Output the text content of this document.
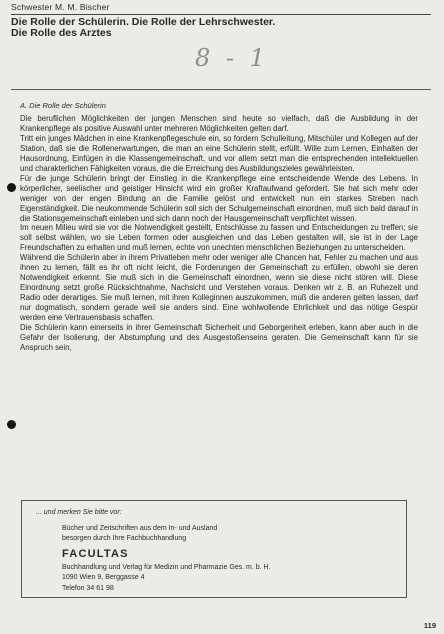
Schwester M. M. Bischer
Die Rolle der Schülerin. Die Rolle der Lehrschwester.
Die Rolle des Arztes
8 - 1
A. Die Rolle der Schülerin

Die beruflichen Möglichkeiten der jungen Menschen sind heute so vielfach, daß die Ausbildung in der Krankenpflege als positive Auswahl unter mehreren Möglichkeiten gelten darf.

Tritt ein junges Mädchen in eine Krankenpflegeschule ein, so fordern Schulleitung, Mitschüler und Kollegen auf der Station, daß sie die Rollenerwartungen, die man an eine Schülerin stellt, erfüllt. Wille zum Lernen, Einhalten der Hausordnung, Einfügen in die Klassengemeinschaft, und vor allem setzt man die entsprechenden intellektuellen und charakterlichen Fähigkeiten voraus, die die Erreichung des Ausbildungszieles gewährleisten.

Für die junge Schülerin bringt der Einstieg in die Krankenpflege eine entscheidende Wende des Lebens. In körperlicher, seelischer und geistiger Hinsicht wird ein großer Kraftaufwand gefordert. Sie hat sich mehr oder weniger von der engen Bindung an die Familie gelöst und entwickelt nun ein starkes Streben nach Eigenständigkeit. Die neukommende Schülerin soll sich der Schulgemeinschaft einordnen, muß sich bald darauf in die Stationsgemeinschaft einleben und sich dann noch der Hausgemeinschaft verpflichtet wissen.

Im neuen Milieu wird sie vor die Notwendigkeit gestellt, Entschlüsse zu fassen und Entscheidungen zu treffen; sie soll selbst wählen, wo sie Leben formen oder ausgleichen und das Leben gestalten will, sie ist in der Lage Freundschaften zu erhalten und muß lernen, echte von unechten menschlichen Beziehungen zu unterscheiden.

Während die Schülerin aber in ihrem Privatleben mehr oder weniger alle Chancen hat, Fehler zu machen und aus ihnen zu lernen, fällt es ihr oft nicht leicht, die Forderungen der Gemeinschaft zu erfüllen, obwohl sie deren Notwendigkeit erkennt. Sie muß sich in die Gemeinschaft einordnen, wenn sie diese nicht stören will. Diese Einordnung setzt große Rücksichtnahme, Nachsicht und Verstehen voraus. Denken wir z. B. an Ruhezeit und Radio oder derartiges. Sie muß lernen, mit ihren Kolleginnen auszukommen, muß die anderen gelten lassen, darf nur dogmatisch, sondern gerade weil sie anders sind. Eine wohlwollende Ehrlichkeit und das nötige Gespür werden eine Vertrauensbasis schaffen.

Die Schülerin kann einerseits in ihrer Gemeinschaft Sicherheit und Geborgenheit erleben, kann aber auch in die Gefahr der Isolierung, der Abstumpfung und des Ausgestoßenseins geraten. Die Gemeinschaft kann für sie Anspruch sein,

... und merken Sie bitte vor:
Bücher und Zeitschriften aus dem In- und Ausland
besorgen durch Ihre Fachbuchhandlung
FACULTAS
Buchhandlung und Verlag für Medizin und Pharmazie Ges. m. b. H.
1090 Wien 9, Berggasse 4
Telefon 34 61 98
119
